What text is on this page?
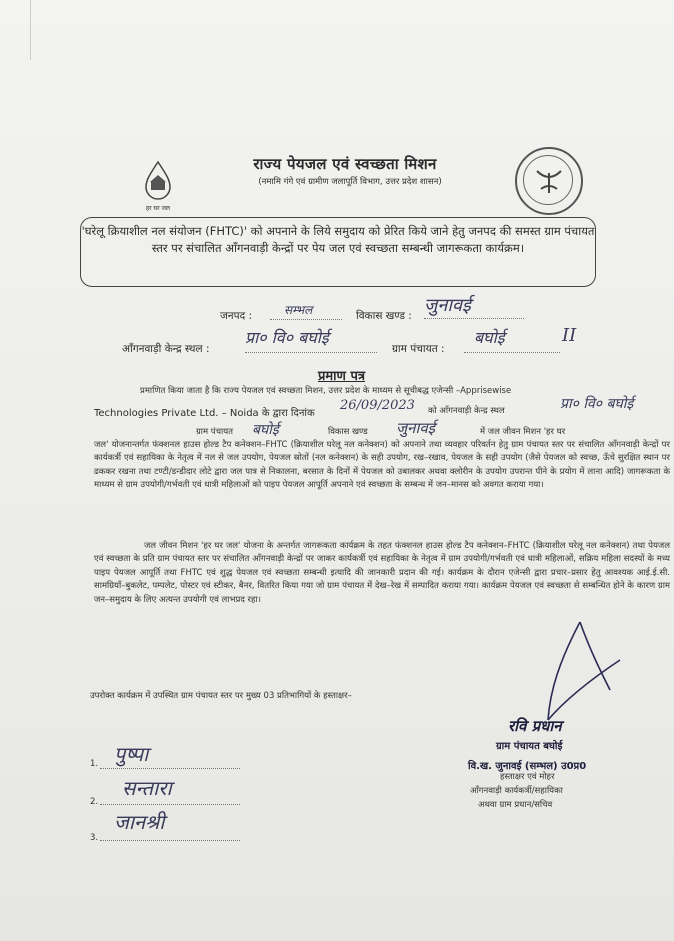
हर घर जल
राज्य पेयजल एवं स्वच्छता मिशन
(नमामि गंगे एवं ग्रामीण जलापूर्ति विभाग, उत्तर प्रदेश शासन)

'घरेलू क्रियाशील नल संयोजन (FHTC)' को अपनाने के लिये समुदाय को प्रेरित किये जाने हेतु जनपद की समस्त ग्राम पंचायत स्तर पर संचालित आँगनवाड़ी केन्द्रों पर पेय जल एवं स्वच्छता सम्बन्धी जागरूकता कार्यक्रम।

जनपद :	सम्भल	विकास खण्ड : जुनावई
आँगनवाड़ी केन्द्र स्थल :
प्रा० वि० बघोई
ग्राम पंचायत :
बघोई	II
प्रमाण पत्र
प्रमाणित किया जाता है कि राज्य पेयजल एवं स्वच्छता मिशन, उत्तर प्रदेश के माध्यम से सूचीबद्ध एजेन्सी –Apprisewise
Technologies Private Ltd. – Noida के द्वारा दिनांक
26/09/2023 को आँगनवाड़ी केन्द्र स्थल	प्रा० वि० बघोई
ग्राम पंचायत बघोई	विकास खण्ड जुनावई	में जल जीवन मिशन 'हर घर
जल' योजनान्तर्गत फंक्शनल हाउस होल्ड टैप कनेक्शन–FHTC (क्रियाशील घरेलू नल कनेक्शन) को अपनाने तथा व्यवहार परिवर्तन हेतु ग्राम पंचायत स्तर पर संचालित आँगनवाड़ी केन्द्रों पर कार्यकर्त्री एवं सहायिका के नेतृत्व में नल से जल उपयोग, पेयजल स्रोतों (नल कनेक्शन) के सही उपयोग, रख–रखाव, पेयजल के सही उपयोग (जैसे पेयजल को स्वच्छ, ऊँचे सुरक्षित स्थान पर ढककर रखना तथा टण्टी/डन्डीदार लोटे द्वारा जल पात्र से निकालना, बरसात के दिनों में पेयजल को उबालकर अथवा क्लोरीन के उपयोग उपरान्त पीने के प्रयोग में लाना आदि) जागरूकता के माध्यम से ग्राम उपयोगी/गर्भवती एवं धात्री महिलाओं को पाइप पेयजल आपूर्ति अपनाने एवं स्वच्छता के सम्बन्ध में जन–मानस को अवगत कराया गया।
जल जीवन मिशन 'हर घर जल' योजना के अन्तर्गत जागरूकता कार्यक्रम के तहत फंक्शनल हाउस होल्ड टैप कनेक्शन–FHTC (क्रियाशील घरेलू नल कनेक्शन) तथा पेयजल एवं स्वच्छता के प्रति ग्राम पंचायत स्तर पर संचालित आँगनवाड़ी केन्द्रों पर जाकर कार्यकर्त्री एवं सहायिका के नेतृत्व में ग्राम उपयोगी/गर्भवती एवं धात्री महिलाओं, सक्रिय महिला सदस्यों के मध्य पाइप पेयजल आपूर्ति तथा FHTC एवं शुद्ध पेयजल एवं स्वच्छता सम्बन्धी इत्यादि की जानकारी प्रदान की गई। कार्यक्रम के दौरान एजेन्सी द्वारा प्रचार–प्रसार हेतु आवश्यक आई.ई.सी. सामग्रियाँ–बुकलेट, पम्पलेट, पोस्टर एवं स्टीकर, बैनर, वितरित किया गया जो ग्राम पंचायत में देख–रेख में सम्पादित कराया गया। कार्यक्रम पेयजल एवं स्वच्छता से सम्बन्धित होने के कारण ग्राम जन–समुदाय के लिए अत्यन्त उपयोगी एवं लाभप्रद रहा।
उपरोक्त कार्यक्रम में उपस्थित ग्राम पंचायत स्तर पर मुख्य 03 प्रतिभागियों के हस्ताक्षर–
1. पुष्पा
2.
सन्तारा
3.
जानश्री
रवि प्रधान
ग्राम पंचायत बघोई
वि.ख. जुनावई (सम्भल) उ0प्र0
हस्ताक्षर एवं मोहर
आँगनवाड़ी कार्यकर्त्री/सहायिका
अथवा ग्राम प्रधान/सचिव
